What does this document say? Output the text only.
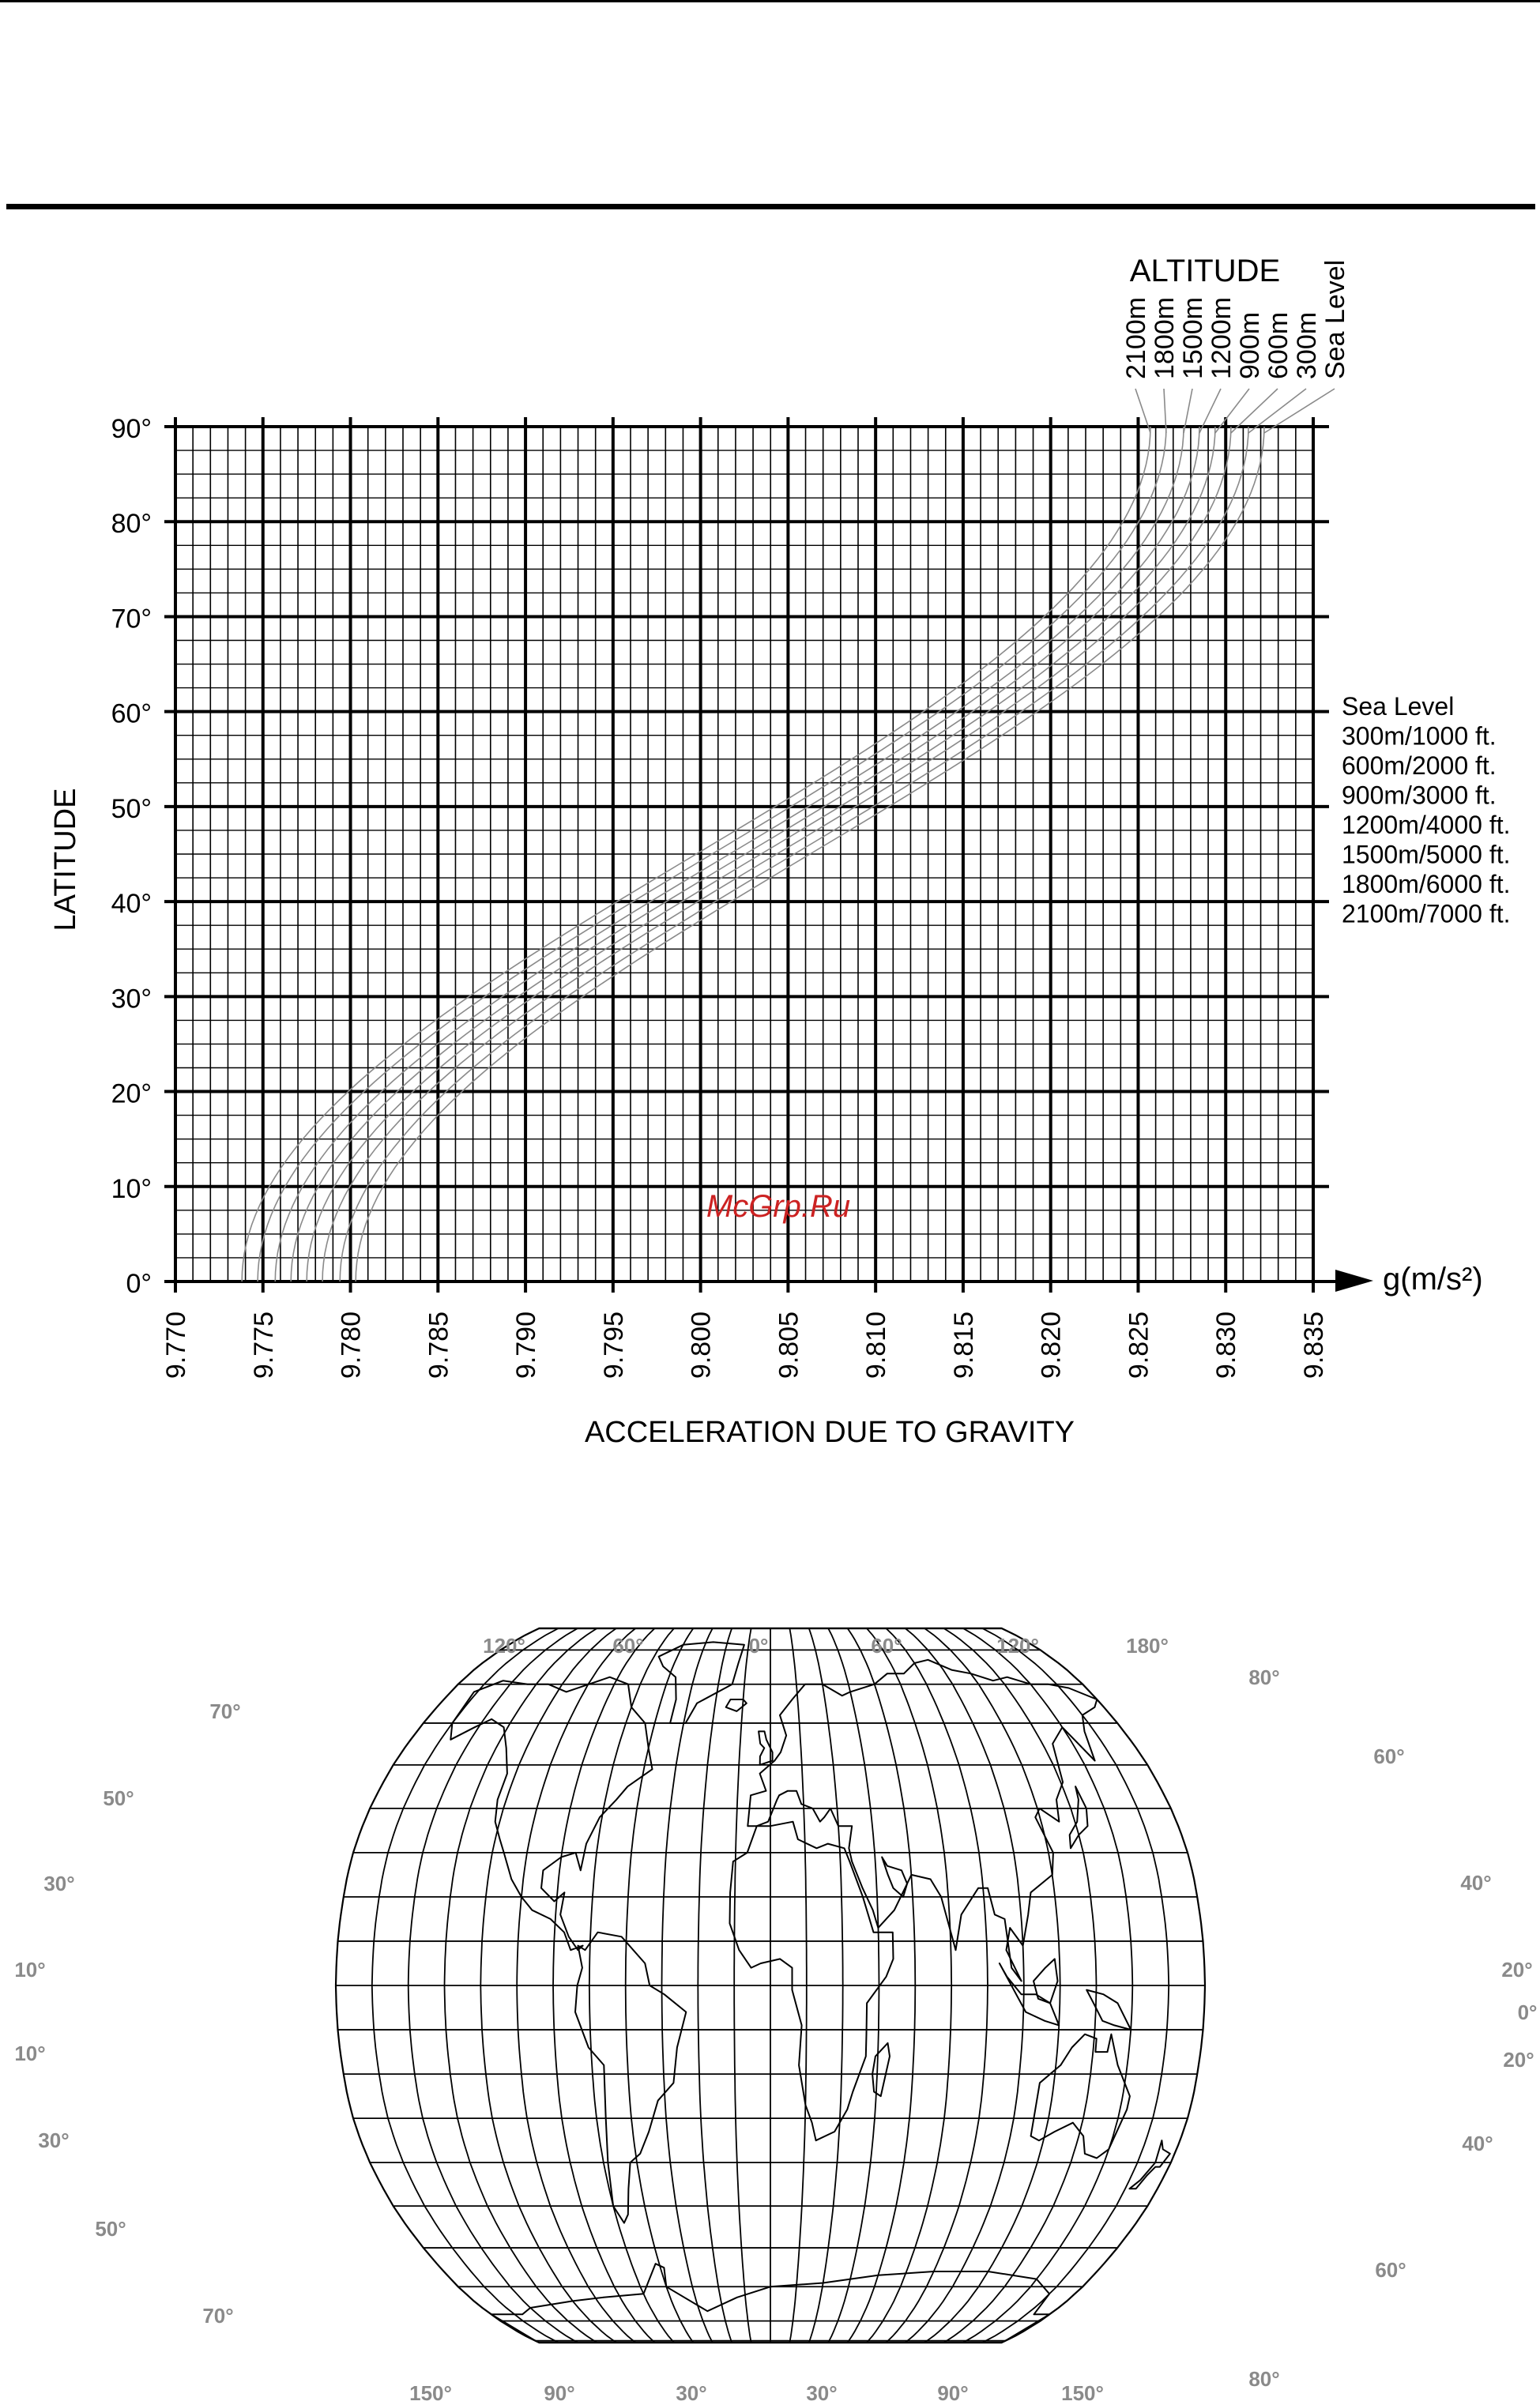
9.770 9.775 9.780 9.785 9.790 9.795 9.800 9.805 9.810 9.815 9.820 9.825 9.830 9.835
0°
10°
20°
30°
40°
50°
60°
70°
80°
90°
2100m
1800m
1500m
1200m
900m
600m
300m
Sea Level
Sea Level
300m/1000 ft.
600m/2000 ft.
900m/3000 ft.
1200m/4000 ft.
1500m/5000 ft.
1800m/6000 ft.
2100m/7000 ft.
LATITUDE
ACCELERATION DUE TO GRAVITY
ALTITUDE
g(m/s²)
McGrp.Ru
120°	60°	0°	60°	120°	180°
150°	90°	30°	30°	90°	150°
70°
50°
30°
10°
10°
30°
50°
70°
80°
60°
40°
20°
0°
20°
40°
60°
80°
